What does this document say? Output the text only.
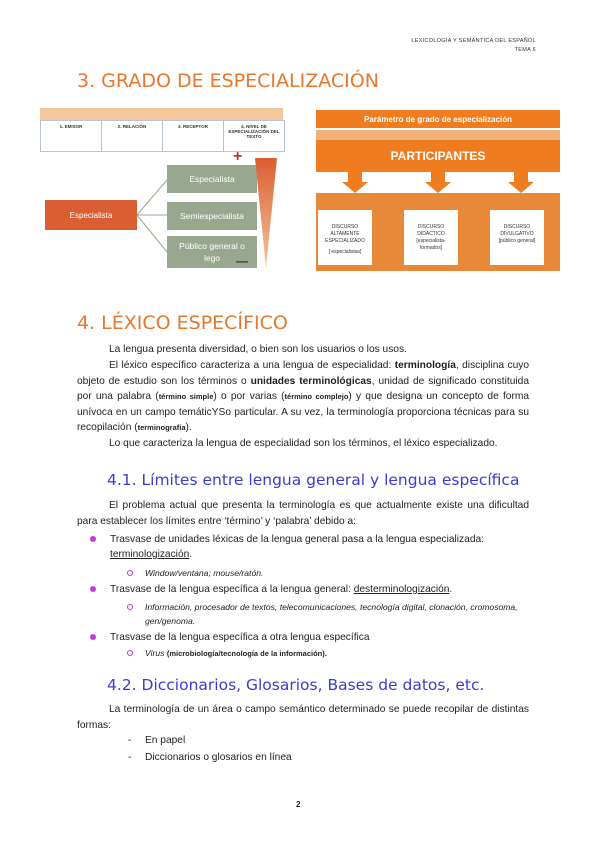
LEXICOLOGÍA Y SEMÁNTICA DEL ESPAÑOL
TEMA 6
3. GRADO DE ESPECIALIZACIÓN
1. EMISOR	2. RELACIÓN	3. RECEPTOR	4. NIVEL DE ESPECIALIZACIÓN DEL TEXTO
Especialista
Especialista
Semiespecialista
Público general o lego
+
—
Parámetro de grado de especialización
PARTICIPANTES
DISCURSO ALTAMENTE
ESPECIALIZADO
[ especialistas]
DISCURSO DIDÁCTICO
[especialista-
formados]
DISCURSO DIVULGATIVO
[público general]
4. LÉXICO ESPECÍFICO

La lengua presenta diversidad, o bien son los usuarios o los usos.

El léxico específico caracteriza a una lengua de especialidad: terminología, disciplina cuyo objeto de estudio son los términos o unidades terminológicas, unidad de significado constituida por una palabra (término simple) o por varias (término complejo) y que designa un concepto de forma unívoca en un campo temáticYSo particular. A su vez, la terminología proporciona técnicas para su recopilación (terminografía).

Lo que caracteriza la lengua de especialidad son los términos, el léxico especializado.

4.1. Límites entre lengua general y lengua específica

El problema actual que presenta la terminología es que actualmente existe una dificultad para establecer los límites entre ‘término’ y ‘palabra’ debido a:

Trasvase de unidades léxicas de la lengua general pasa a la lengua especializada: terminologización.
Window/ventana; mouse/ratón.
Trasvase de la lengua específica a la lengua general: desterminologización.
Información, procesador de textos, telecomunicaciones, tecnología digital, clonación, cromosoma, gen/genoma.
Trasvase de la lengua específica a otra lengua específica
Virus (microbiología/tecnología de la información).
4.2. Diccionarios, Glosarios, Bases de datos, etc.

La terminología de un área o campo semántico determinado se puede recopilar de distintas formas:

- En papel
- Diccionarios o glosarios en línea
2
